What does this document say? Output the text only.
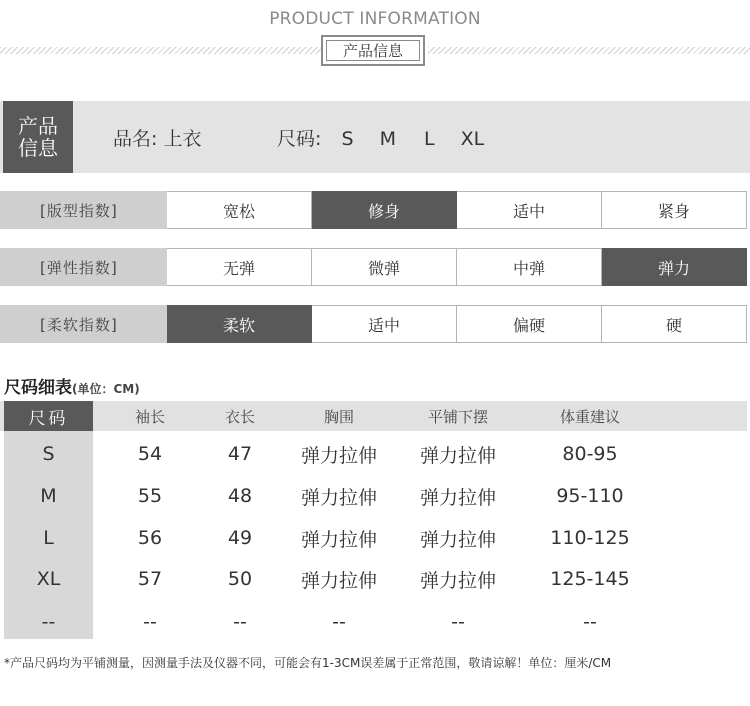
PRODUCT INFORMATION
产品信息
产品
信息	品名: 上衣	尺码: S M L XL
[版型指数]	宽松	修身	适中	紧身
[弹性指数]	无弹	微弹	中弹	弹力
[柔软指数]	柔软	适中	偏硬	硬
尺码细表(单位：CM)
尺码	袖长	衣长	胸围	平铺下摆	体重建议
S	54	47	弹力拉伸	弹力拉伸	80-95
M	55	48	弹力拉伸	弹力拉伸	95-110
L	56	49	弹力拉伸	弹力拉伸	110-125
XL	57	50	弹力拉伸	弹力拉伸	125-145
--	--	--	--	--	--
*产品尺码均为平铺测量，因测量手法及仪器不同，可能会有1-3CM误差属于正常范围，敬请谅解！单位：厘米/CM
